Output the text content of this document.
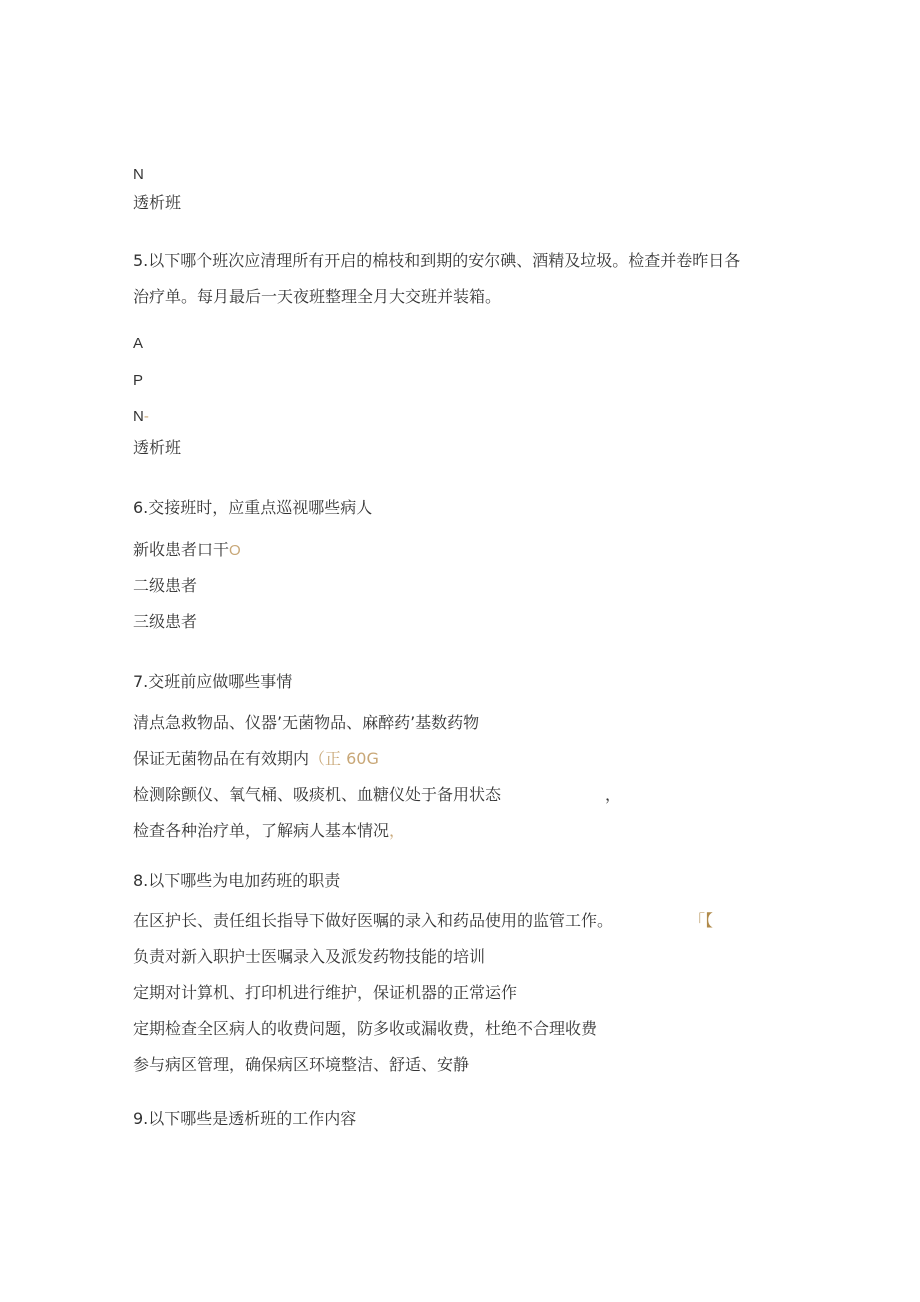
N
透析班
5.以下哪个班次应清理所有开启的棉枝和到期的安尔碘、酒精及垃圾。检查并卷昨日各
治疗单。每月最后一天夜班整理全月大交班并装箱。
A
P
N-
透析班
6.交接班时，应重点巡视哪些病人
新收患者口干O
二级患者
三级患者
7.交班前应做哪些事情
清点急救物品、仪器’无菌物品、麻醉药’基数药物
保证无菌物品在有效期内（正 60G
检测除颤仪、氧气桶、吸痰机、血糖仪处于备用状态	，
检查各种治疗单，了解病人基本情况，
8.以下哪些为电加药班的职责
在区护长、责任组长指导下做好医嘱的录入和药品使用的监管工作。	「【
负责对新入职护士医嘱录入及派发药物技能的培训
定期对计算机、打印机进行维护，保证机器的正常运作
定期检查全区病人的收费问题，防多收或漏收费，杜绝不合理收费
参与病区管理，确保病区环境整洁、舒适、安静
9.以下哪些是透析班的工作内容
